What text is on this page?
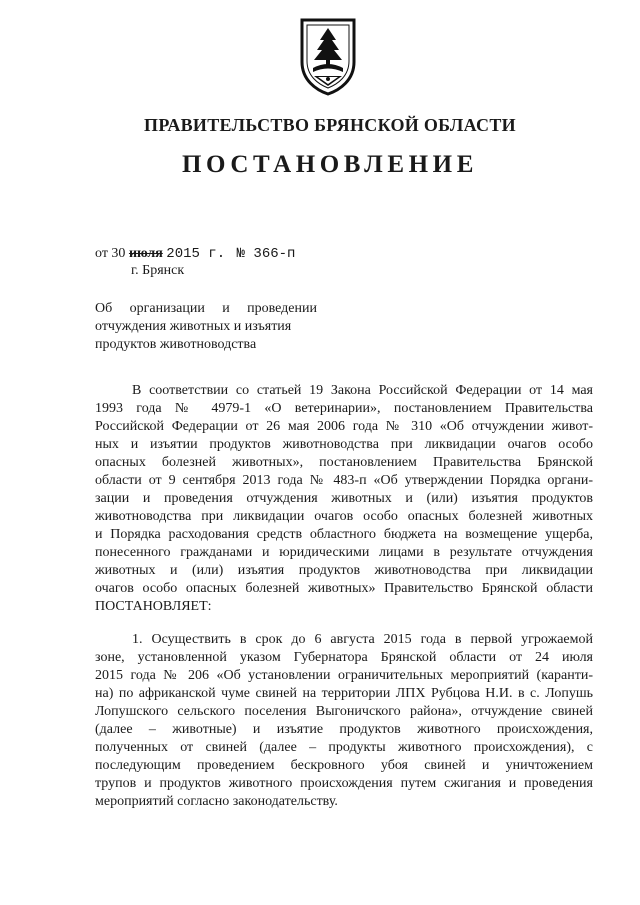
ПРАВИТЕЛЬСТВО БРЯНСКОЙ ОБЛАСТИ
ПОСТАНОВЛЕНИЕ
от 30 июля 2015 г. № 366-п
г. Брянск
Об организации и проведении
отчуждения животных и изъятия
продуктов животноводства
В соответствии со статьей 19 Закона Российской Федерации от 14 мая
1993 года № 4979-1 «О ветеринарии», постановлением Правительства
Российской Федерации от 26 мая 2006 года № 310 «Об отчуждении живот-
ных и изъятии продуктов животноводства при ликвидации очагов особо
опасных болезней животных», постановлением Правительства Брянской
области от 9 сентября 2013 года № 483-п «Об утверждении Порядка органи-
зации и проведения отчуждения животных и (или) изъятия продуктов
животноводства при ликвидации очагов особо опасных болезней животных
и Порядка расходования средств областного бюджета на возмещение ущерба,
понесенного гражданами и юридическими лицами в результате отчуждения
животных и (или) изъятия продуктов животноводства при ликвидации
очагов особо опасных болезней животных» Правительство Брянской области
ПОСТАНОВЛЯЕТ:
1. Осуществить в срок до 6 августа 2015 года в первой угрожаемой
зоне, установленной указом Губернатора Брянской области от 24 июля
2015 года № 206 «Об установлении ограничительных мероприятий (каранти-
на) по африканской чуме свиней на территории ЛПХ Рубцова Н.И. в с. Лопушь
Лопушского сельского поселения Выгоничского района», отчуждение свиней
(далее – животные) и изъятие продуктов животного происхождения,
полученных от свиней (далее – продукты животного происхождения), с
последующим проведением бескровного убоя свиней и уничтожением
трупов и продуктов животного происхождения путем сжигания и проведения
мероприятий согласно законодательству.
